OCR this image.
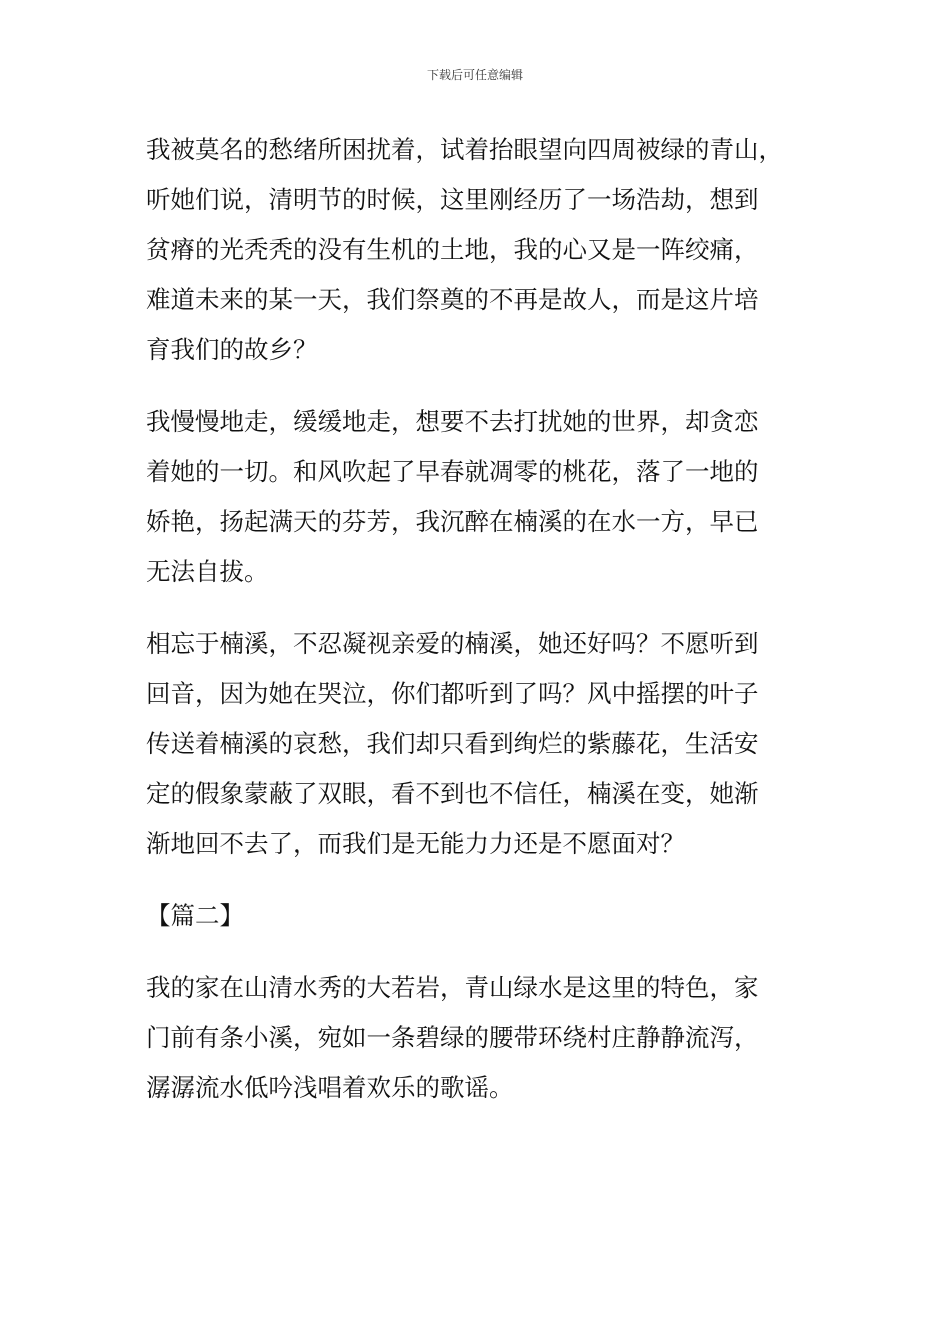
下载后可任意编辑
我被莫名的愁绪所困扰着，试着抬眼望向四周被绿的青山，
听她们说，清明节的时候，这里刚经历了一场浩劫，想到
贫瘠的光秃秃的没有生机的土地，我的心又是一阵绞痛，
难道未来的某一天，我们祭奠的不再是故人，而是这片培
育我们的故乡？
我慢慢地走，缓缓地走，想要不去打扰她的世界，却贪恋
着她的一切。和风吹起了早春就凋零的桃花，落了一地的
娇艳，扬起满天的芬芳，我沉醉在楠溪的在水一方，早已
无法自拔。
相忘于楠溪，不忍凝视亲爱的楠溪，她还好吗？不愿听到
回音，因为她在哭泣，你们都听到了吗？风中摇摆的叶子
传送着楠溪的哀愁，我们却只看到绚烂的紫藤花，生活安
定的假象蒙蔽了双眼，看不到也不信任，楠溪在变，她渐
渐地回不去了，而我们是无能力力还是不愿面对？
【篇二】
我的家在山清水秀的大若岩，青山绿水是这里的特色，家
门前有条小溪，宛如一条碧绿的腰带环绕村庄静静流泻，
潺潺流水低吟浅唱着欢乐的歌谣。
